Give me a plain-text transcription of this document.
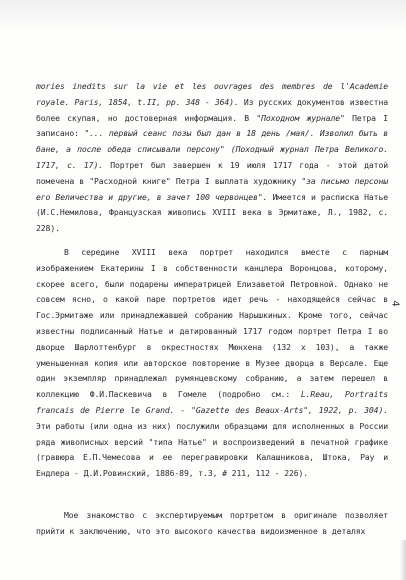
mories inedits sur la vie et les ouvrages des membres de l'Academie royale. Paris, 1854, t.II, pp. 348 - 364). Из русских документов известна более скупая, но достоверная информация. В "Походном журнале" Петра I записано: "... первый сеанс позы был дан в 18 день /мая/. Изволил быть в бане, а после обеда списывали персону" (Походный журнал Петра Великого. 1717, с. 17). Портрет был завершен к 19 июля 1717 года - этой датой помечена в "Расходной книге" Петра I выплата художнику "за письмо персоны его Величества и другие, в зачет 100 червонцев". Имеется и расписка Натье (И.С.Немилова, Французская живопись XVIII века в Эрмитаже, Л., 1982, с. 228).

В середине XVIII века портрет находился вместе с парным изображением Екатерины I в собственности канцлера Воронцова, которому, скорее всего, были подарены императрицей Елизаветой Петровной. Однако не совсем ясно, о какой паре портретов идет речь - находящейся сейчас в Гос.Эрмитаже или принадлежавшей собранию Нарышкиных. Кроме того, сейчас известны подписанный Натье и датированный 1717 годом портрет Петра I во дворце Шарлоттенбург в окрестностях Мюнхена (132 x 103), а также уменьшенная копия или авторское повторение в Музее дворца в Версале. Еще один экземпляр принадлежал румянцевскому собранию, а затем перешел в коллекцию Ф.И.Паскевича в Гомеле (подробно см.: L.Reau, Portraits francais de Pierre le Grand. - "Gazette des Beaux-Arts", 1922, p. 304). Эти работы (или одна из них) послужили образцами для исполненных в России ряда живописных версий "типа Натье" и воспроизведений в печатной графике (гравюра Е.П.Чемесова и ее перегравировки Калашникова, Штока, Рау и Ендлера - Д.И.Ровинский, 1886-89, т.3, # 211, 112 - 226).

Мое знакомство с экспертируемым портретом в оригинале позволяет прийти к заключению, что это высокого качества видоизменное в деталях

4
